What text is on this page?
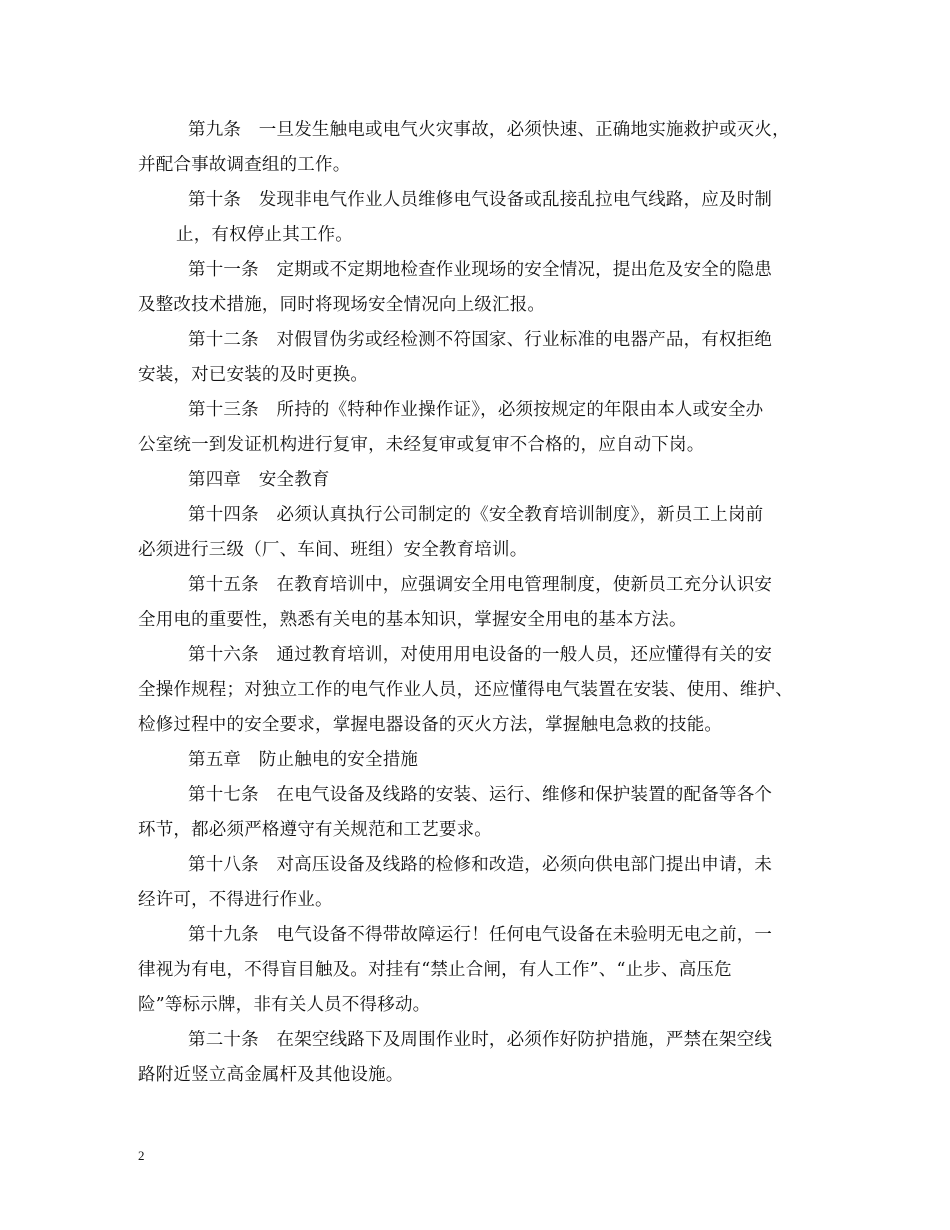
第九条　一旦发生触电或电气火灾事故，必须快速、正确地实施救护或灭火，
并配合事故调查组的工作。
第十条　发现非电气作业人员维修电气设备或乱接乱拉电气线路，应及时制
止，有权停止其工作。
第十一条　定期或不定期地检查作业现场的安全情况，提出危及安全的隐患
及整改技术措施，同时将现场安全情况向上级汇报。
第十二条　对假冒伪劣或经检测不符国家、行业标准的电器产品，有权拒绝
安装，对已安装的及时更换。
第十三条　所持的《特种作业操作证》，必须按规定的年限由本人或安全办
公室统一到发证机构进行复审，未经复审或复审不合格的，应自动下岗。
第四章　安全教育
第十四条　必须认真执行公司制定的《安全教育培训制度》，新员工上岗前
必须进行三级（厂、车间、班组）安全教育培训。
第十五条　在教育培训中，应强调安全用电管理制度，使新员工充分认识安
全用电的重要性，熟悉有关电的基本知识，掌握安全用电的基本方法。
第十六条　通过教育培训，对使用用电设备的一般人员，还应懂得有关的安
全操作规程；对独立工作的电气作业人员，还应懂得电气装置在安装、使用、维护、
检修过程中的安全要求，掌握电器设备的灭火方法，掌握触电急救的技能。
第五章　防止触电的安全措施
第十七条　在电气设备及线路的安装、运行、维修和保护装置的配备等各个
环节，都必须严格遵守有关规范和工艺要求。
第十八条　对高压设备及线路的检修和改造，必须向供电部门提出申请，未
经许可，不得进行作业。
第十九条　电气设备不得带故障运行！任何电气设备在未验明无电之前，一
律视为有电，不得盲目触及。对挂有“禁止合闸，有人工作”、“止步、高压危
险”等标示牌，非有关人员不得移动。
第二十条　在架空线路下及周围作业时，必须作好防护措施，严禁在架空线
路附近竖立高金属杆及其他设施。
2
